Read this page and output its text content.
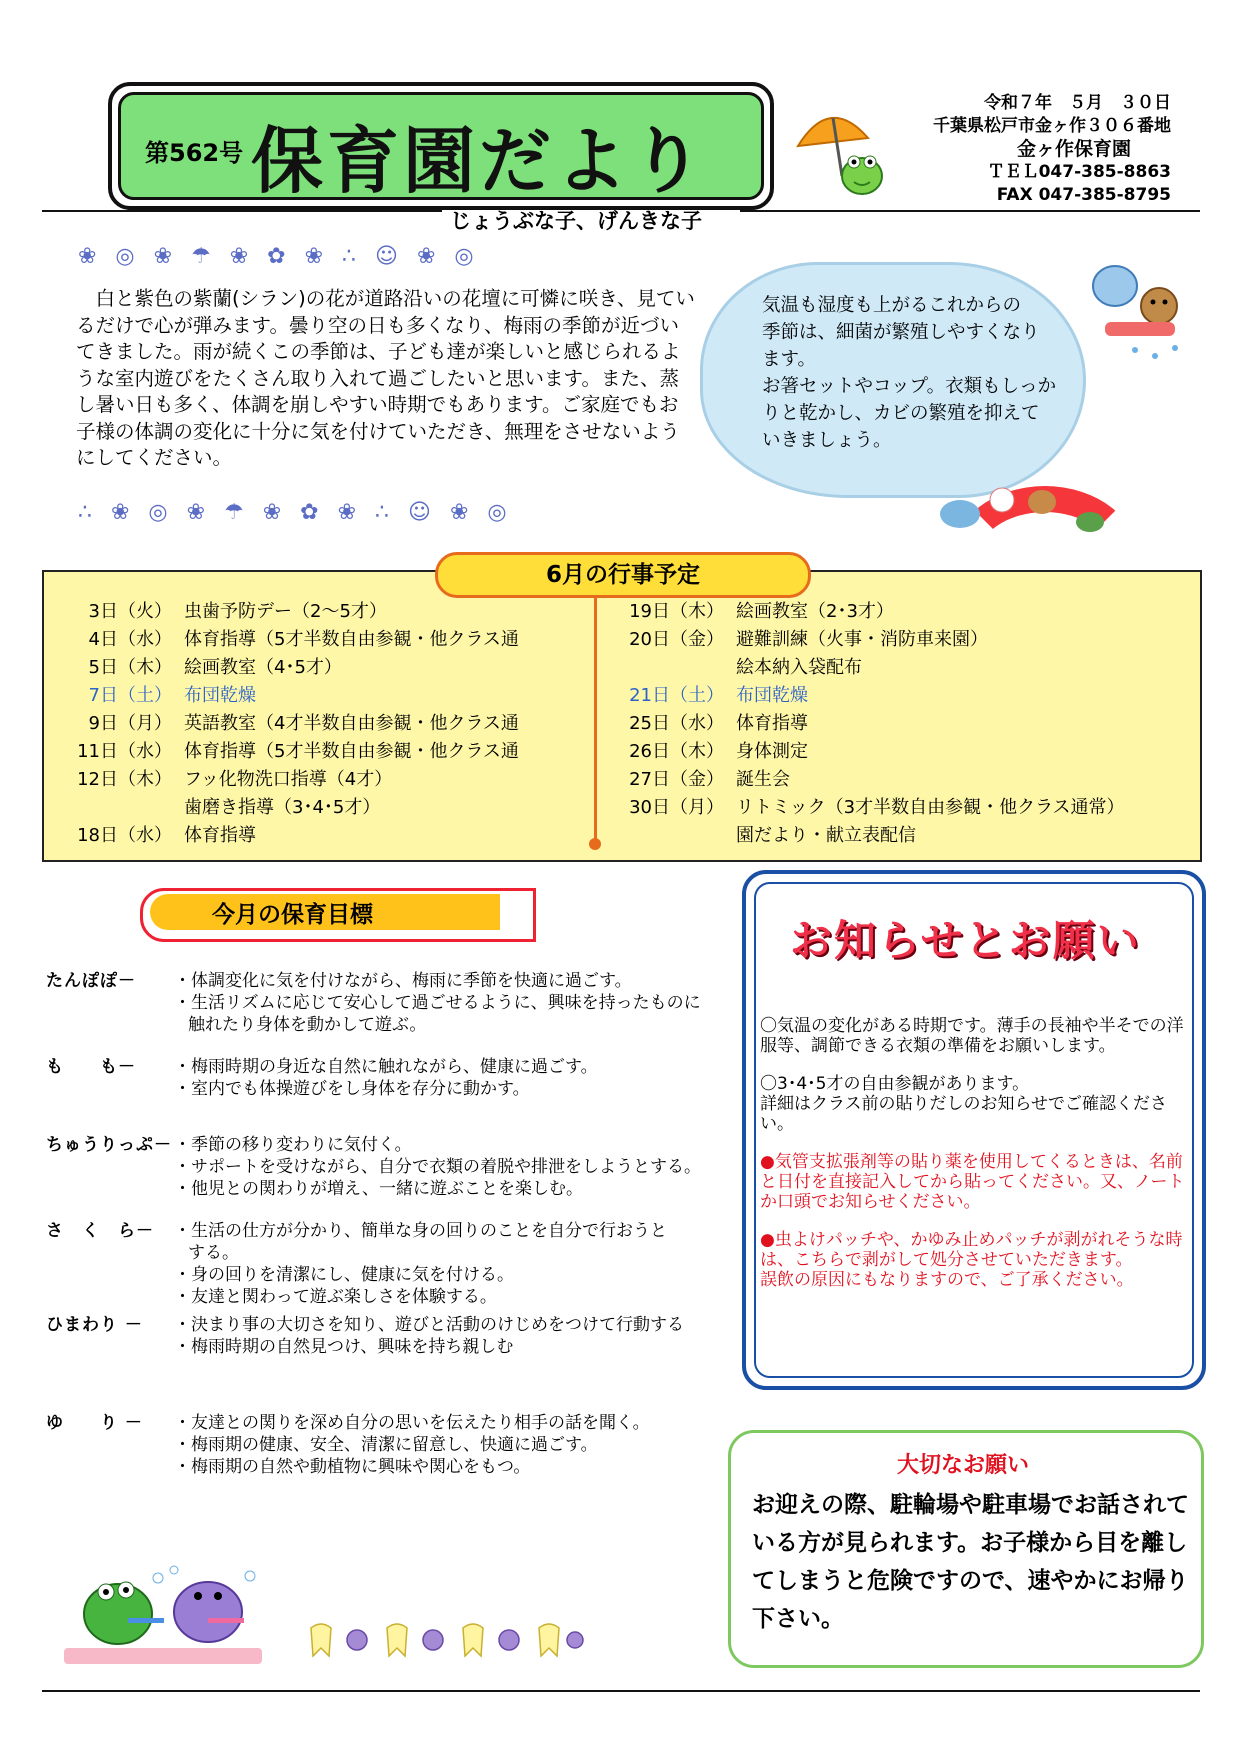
第562号 保育園だより
令和７年　５月　３０日
千葉県松戸市金ヶ作３０６番地
金ヶ作保育園
ＴＥＬ047-385-8863
FAX 047-385-8795
じょうぶな子、げんきな子
❀ ◎ ❀ ☂ ❀ ✿ ❀ ∴ ☺ ❀ ◎
　白と紫色の紫蘭(シラン)の花が道路沿いの花壇に可憐に咲き、見ているだけで心が弾みます。曇り空の日も多くなり、梅雨の季節が近づいてきました。雨が続くこの季節は、子ども達が楽しいと感じられるような室内遊びをたくさん取り入れて過ごしたいと思います。また、蒸し暑い日も多く、体調を崩しやすい時期でもあります。ご家庭でもお子様の体調の変化に十分に気を付けていただき、無理をさせないようにしてください。
∴ ❀ ◎ ❀ ☂ ❀ ✿ ❀ ∴ ☺ ❀ ◎
気温も湿度も上がるこれからの
季節は、細菌が繁殖しやすくなり
ます。
お箸セットやコップ。衣類もしっか
りと乾かし、カビの繁殖を抑えて
いきましょう。
6月の行事予定
3日（火） 虫歯予防デー（2～5才）
4日（水） 体育指導（5才半数自由参観・他クラス通
5日（木） 絵画教室（4･5才）
7日（土） 布団乾燥
9日（月） 英語教室（4才半数自由参観・他クラス通
11日（水） 体育指導（5才半数自由参観・他クラス通
12日（木） フッ化物洗口指導（4才）
歯磨き指導（3･4･5才）
18日（水） 体育指導
19日（木） 絵画教室（2･3才）
20日（金） 避難訓練（火事・消防車来園）
絵本納入袋配布
21日（土） 布団乾燥
25日（水） 体育指導
26日（木） 身体測定
27日（金） 誕生会
30日（月） リトミック（3才半数自由参観・他クラス通常）
園だより・献立表配信
今月の保育目標
たんぽぽ－	・体調変化に気を付けながら、梅雨に季節を快適に過ごす。
・生活リズムに応じて安心して過ごせるように、興味を持ったものに
触れたり身体を動かして遊ぶ。
も　　も－	・梅雨時期の身近な自然に触れながら、健康に過ごす。
・室内でも体操遊びをし身体を存分に動かす。
ちゅうりっぷ－ ・季節の移り変わりに気付く。
・サポートを受けながら、自分で衣類の着脱や排泄をしようとする。
・他児との関わりが増え、一緒に遊ぶことを楽しむ。
さ　く　ら－	・生活の仕方が分かり、簡単な身の回りのことを自分で行おうと
する。
・身の回りを清潔にし、健康に気を付ける。
・友達と関わって遊ぶ楽しさを体験する。
ひまわり －	・決まり事の大切さを知り、遊びと活動のけじめをつけて行動する
・梅雨時期の自然見つけ、興味を持ち親しむ
ゆ　　り －	・友達との関りを深め自分の思いを伝えたり相手の話を聞く。
・梅雨期の健康、安全、清潔に留意し、快適に過ごす。
・梅雨期の自然や動植物に興味や関心をもつ。
お知らせとお願い

〇気温の変化がある時期です。薄手の長袖や半そでの洋服等、調節できる衣類の準備をお願いします。

〇3･4･5才の自由参観があります。
詳細はクラス前の貼りだしのお知らせでご確認ください。

●気管支拡張剤等の貼り薬を使用してくるときは、名前と日付を直接記入してから貼ってください。又、ノートか口頭でお知らせください。

●虫よけパッチや、かゆみ止めパッチが剥がれそうな時は、こちらで剥がして処分させていただきます。
誤飲の原因にもなりますので、ご了承ください。

大切なお願い
お迎えの際、駐輪場や駐車場でお話されている方が見られます。お子様から目を離してしまうと危険ですので、速やかにお帰り下さい。
